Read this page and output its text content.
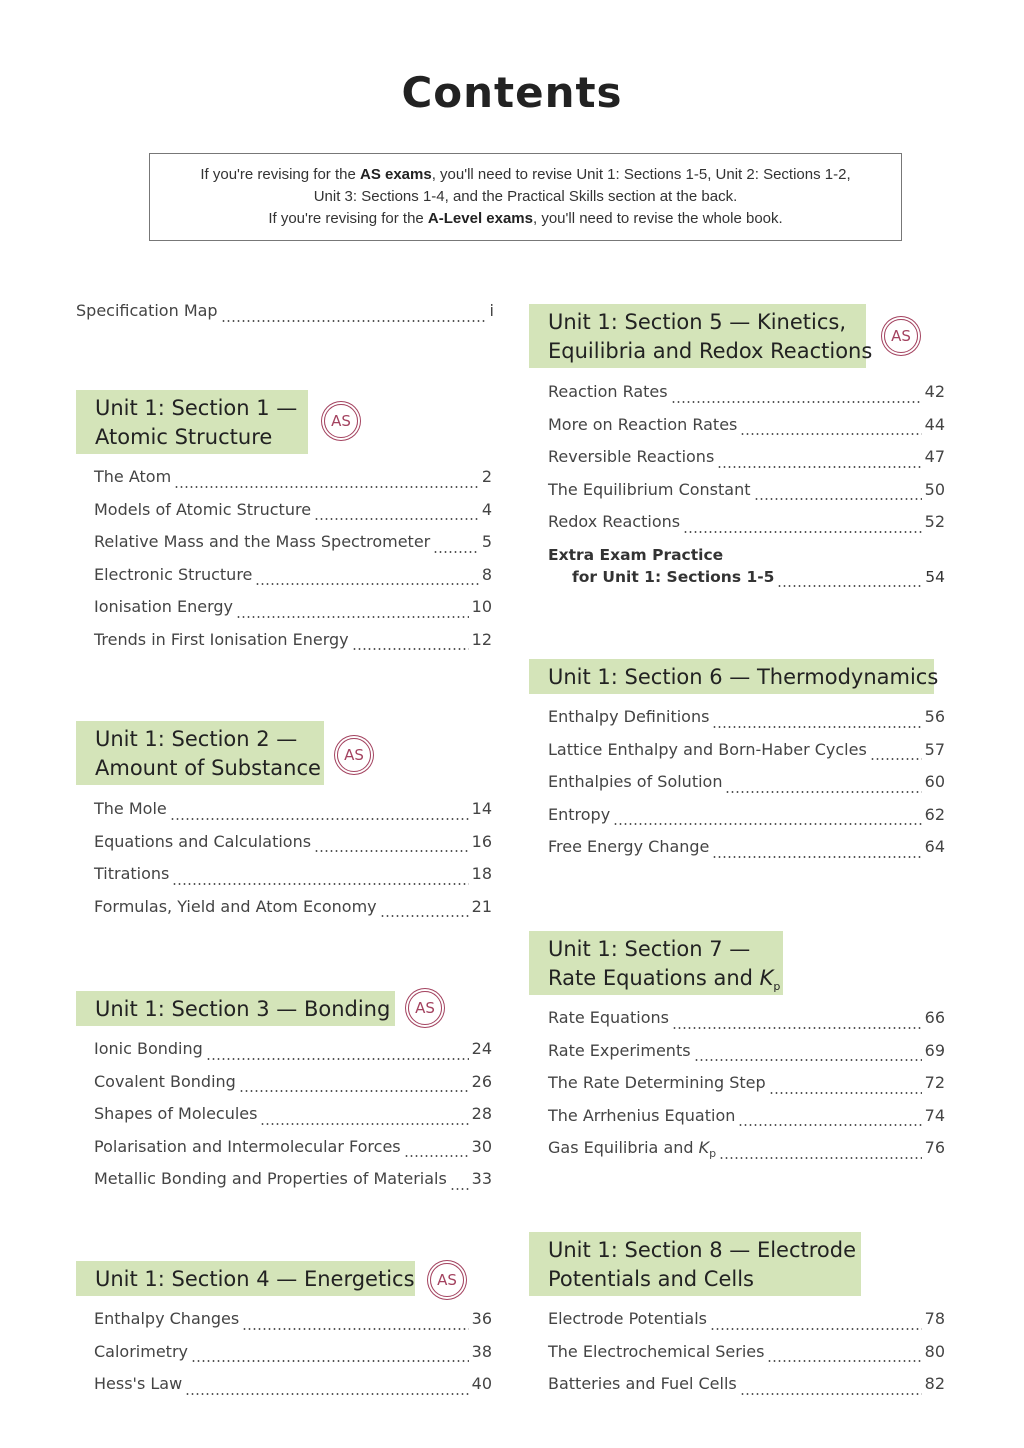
Contents
If you're revising for the AS exams, you'll need to revise Unit 1: Sections 1-5, Unit 2: Sections 1-2,
Unit 3: Sections 1-4, and the Practical Skills section at the back.
If you're revising for the A-Level exams, you'll need to revise the whole book.
Specification Map	i
Unit 1: Section 1 —
Atomic Structure
AS
The Atom	2
Models of Atomic Structure	4
Relative Mass and the Mass Spectrometer	5
Electronic Structure	8
Ionisation Energy	10
Trends in First Ionisation Energy	12
Unit 1: Section 2 —
Amount of Substance
AS
The Mole	14
Equations and Calculations	16
Titrations	18
Formulas, Yield and Atom Economy	21
Unit 1: Section 3 — Bonding	AS
Ionic Bonding	24
Covalent Bonding	26
Shapes of Molecules	28
Polarisation and Intermolecular Forces	30
Metallic Bonding and Properties of Materials 33
Unit 1: Section 4 — Energetics	AS
Enthalpy Changes	36
Calorimetry	38
Hess's Law	40
Unit 1: Section 5 — Kinetics,
Equilibria and Redox Reactions
AS
Reaction Rates	42
More on Reaction Rates	44
Reversible Reactions	47
The Equilibrium Constant	50
Redox Reactions	52
Extra Exam Practice
for Unit 1: Sections 1-5	54
Unit 1: Section 6 — Thermodynamics
Enthalpy Definitions	56
Lattice Enthalpy and Born-Haber Cycles	57
Enthalpies of Solution	60
Entropy	62
Free Energy Change	64
Unit 1: Section 7 —
Rate Equations and $K_p$
Rate Equations	66
Rate Experiments	69
The Rate Determining Step	72
The Arrhenius Equation	74
Gas Equilibria and $K_p$	76
Unit 1: Section 8 — Electrode
Potentials and Cells
Electrode Potentials	78
The Electrochemical Series	80
Batteries and Fuel Cells	82
